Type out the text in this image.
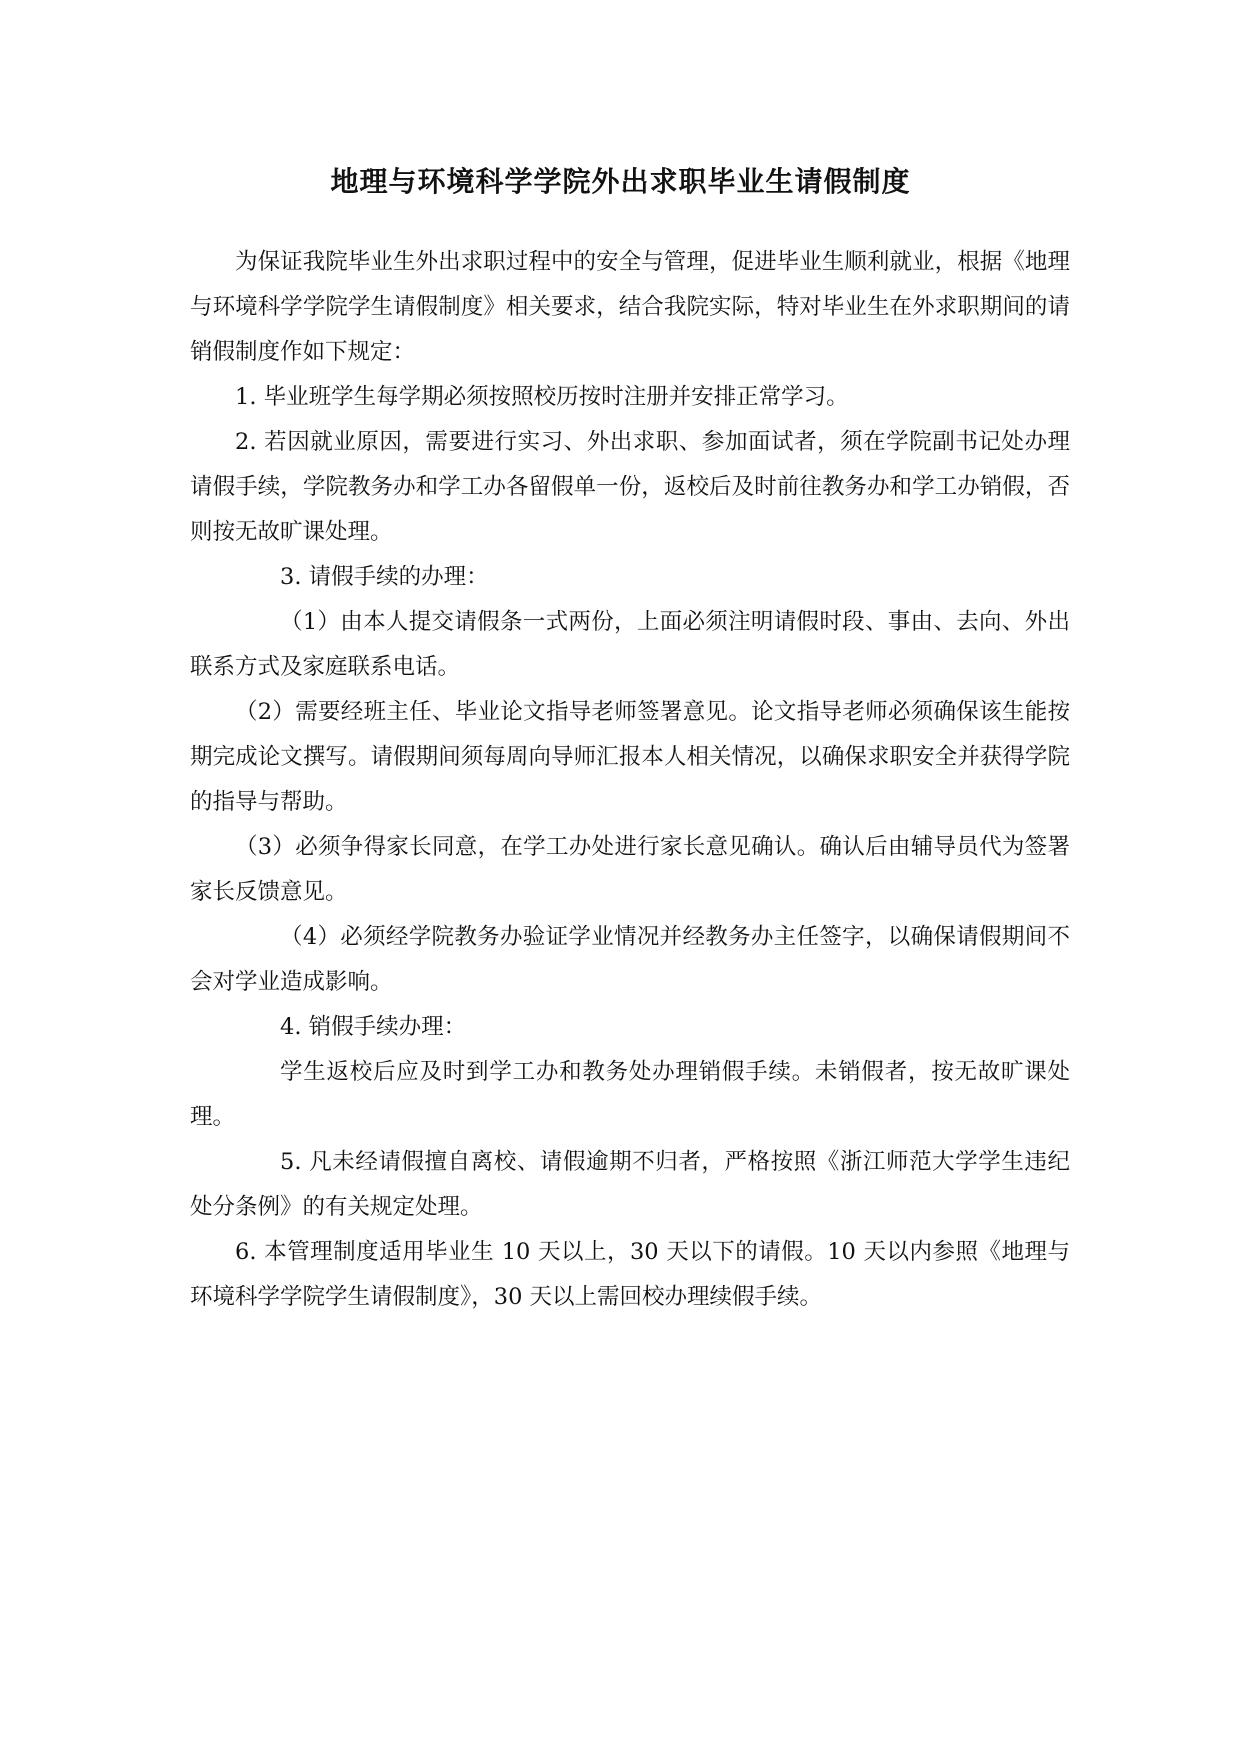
地理与环境科学学院外出求职毕业生请假制度

为保证我院毕业生外出求职过程中的安全与管理，促进毕业生顺利就业，根据《地理与环境科学学院学生请假制度》相关要求，结合我院实际，特对毕业生在外求职期间的请销假制度作如下规定：

1. 毕业班学生每学期必须按照校历按时注册并安排正常学习。

2. 若因就业原因，需要进行实习、外出求职、参加面试者，须在学院副书记处办理请假手续，学院教务办和学工办各留假单一份，返校后及时前往教务办和学工办销假，否则按无故旷课处理。

3. 请假手续的办理：

（1）由本人提交请假条一式两份，上面必须注明请假时段、事由、去向、外出联系方式及家庭联系电话。

（2）需要经班主任、毕业论文指导老师签署意见。论文指导老师必须确保该生能按期完成论文撰写。请假期间须每周向导师汇报本人相关情况，以确保求职安全并获得学院的指导与帮助。

（3）必须争得家长同意，在学工办处进行家长意见确认。确认后由辅导员代为签署家长反馈意见。

（4）必须经学院教务办验证学业情况并经教务办主任签字，以确保请假期间不会对学业造成影响。

4. 销假手续办理：

学生返校后应及时到学工办和教务处办理销假手续。未销假者，按无故旷课处理。

5. 凡未经请假擅自离校、请假逾期不归者，严格按照《浙江师范大学学生违纪处分条例》的有关规定处理。

6. 本管理制度适用毕业生 10 天以上，30 天以下的请假。10 天以内参照《地理与环境科学学院学生请假制度》，30 天以上需回校办理续假手续。
